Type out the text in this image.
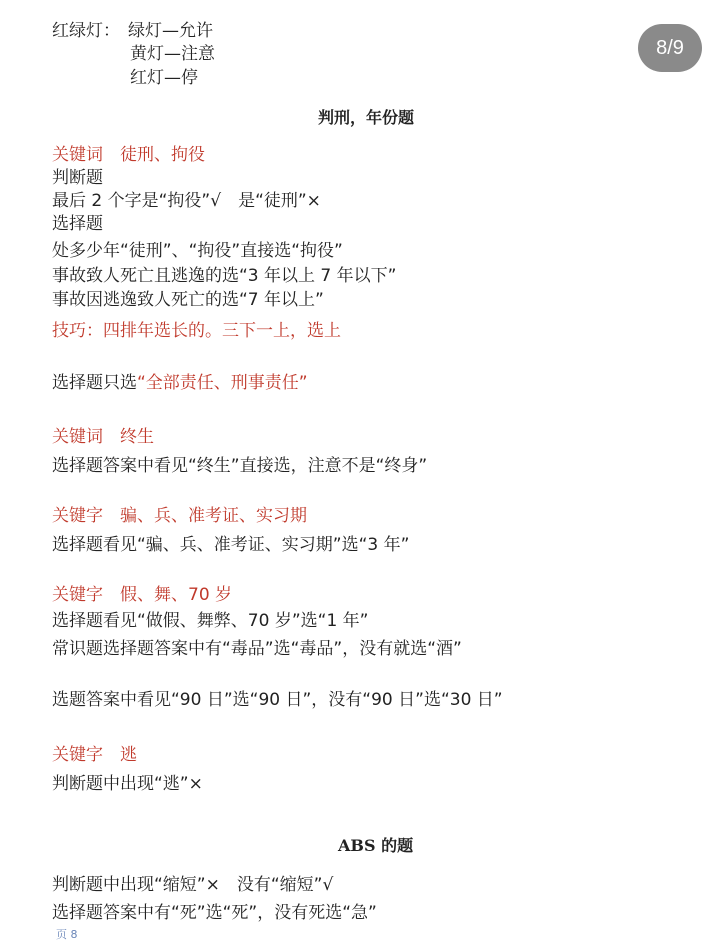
8/9
红绿灯： 绿灯—允许
黄灯—注意
红灯—停
判刑，年份题
关键词　徒刑、拘役
判断题
最后 2 个字是“拘役”√　是“徒刑”×
选择题
处多少年“徒刑”、“拘役”直接选“拘役”
事故致人死亡且逃逸的选“3 年以上 7 年以下”
事故因逃逸致人死亡的选“7 年以上”
技巧：四排年选长的。三下一上，选上
选择题只选“全部责任、刑事责任”
关键词　终生
选择题答案中看见“终生”直接选，注意不是“终身”
关键字　骗、兵、准考证、实习期
选择题看见“骗、兵、准考证、实习期”选“3 年”
关键字　假、舞、70 岁
选择题看见“做假、舞弊、70 岁”选“1 年”
常识题选择题答案中有“毒品”选“毒品”，没有就选“酒”
选题答案中看见“90 日”选“90 日”，没有“90 日”选“30 日”
关键字　逃
判断题中出现“逃”×
ABS 的题
判断题中出现“缩短”×　没有“缩短”√
选择题答案中有“死”选“死”，没有死选“急”
页 8
